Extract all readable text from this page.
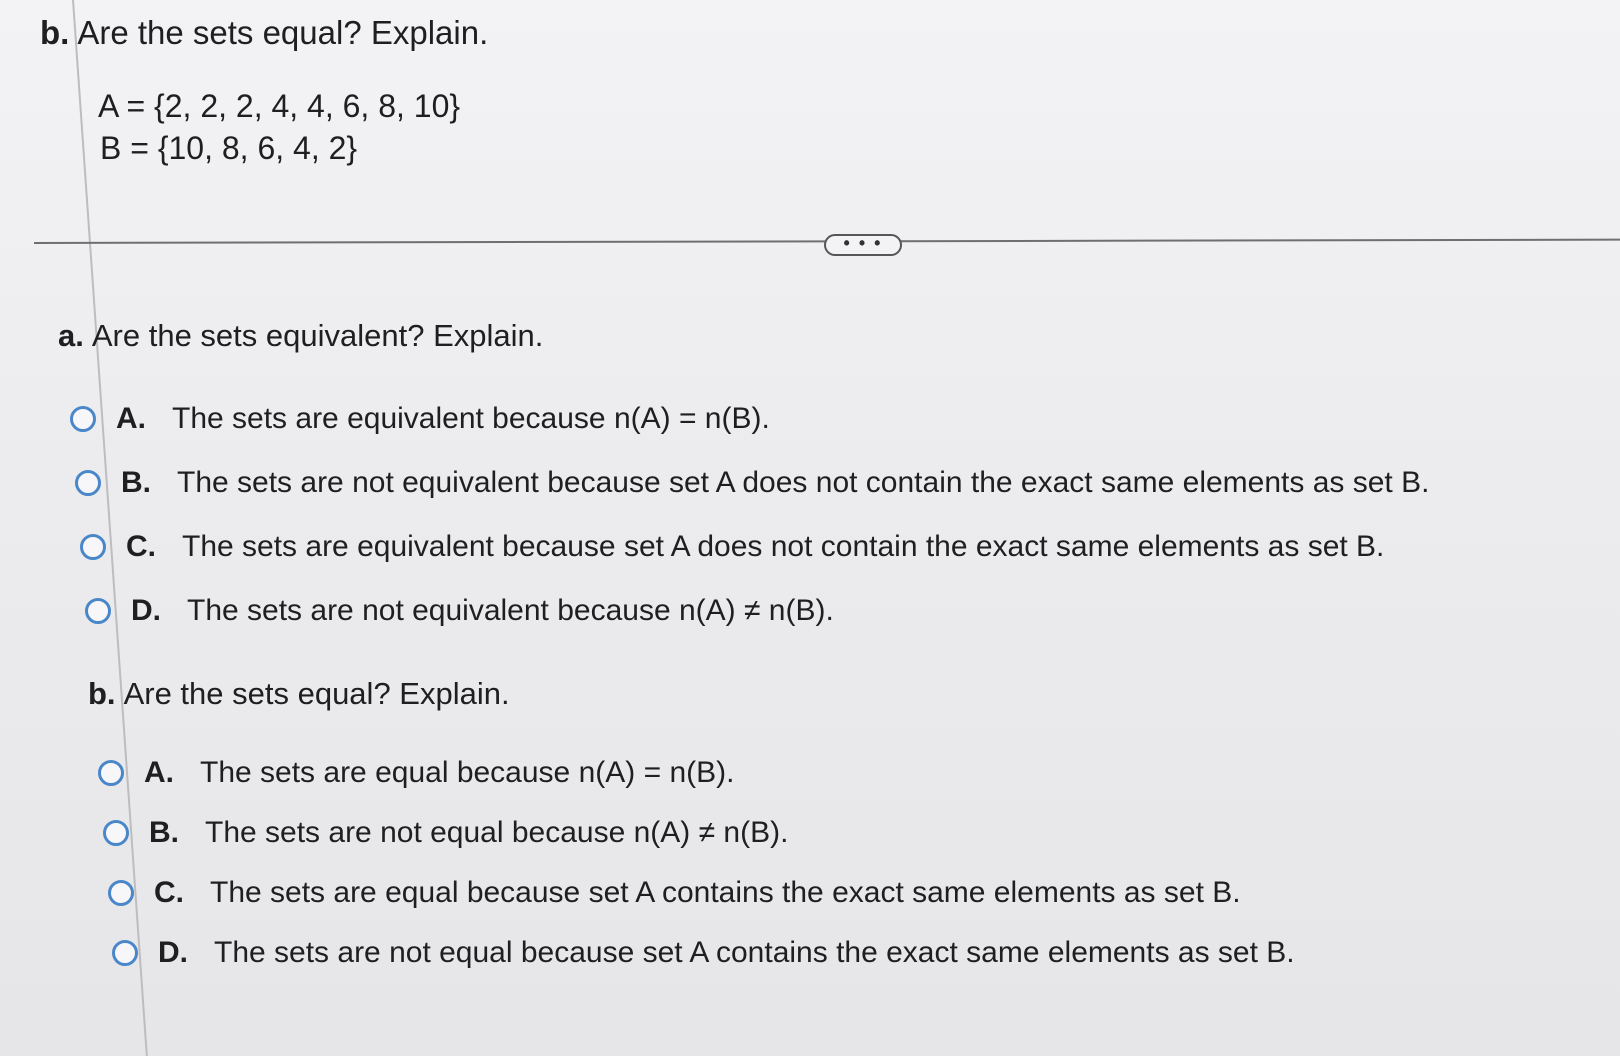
b. Are the sets equal? Explain.
A = {2, 2, 2, 4, 4, 6, 8, 10}
B = {10, 8, 6, 4, 2}
• • •
a. Are the sets equivalent? Explain.
A. The sets are equivalent because n(A) = n(B).
B. The sets are not equivalent because set A does not contain the exact same elements as set B.
C. The sets are equivalent because set A does not contain the exact same elements as set B.
D. The sets are not equivalent because n(A) ≠ n(B).
b. Are the sets equal? Explain.
A. The sets are equal because n(A) = n(B).
B. The sets are not equal because n(A) ≠ n(B).
C. The sets are equal because set A contains the exact same elements as set B.
D. The sets are not equal because set A contains the exact same elements as set B.
